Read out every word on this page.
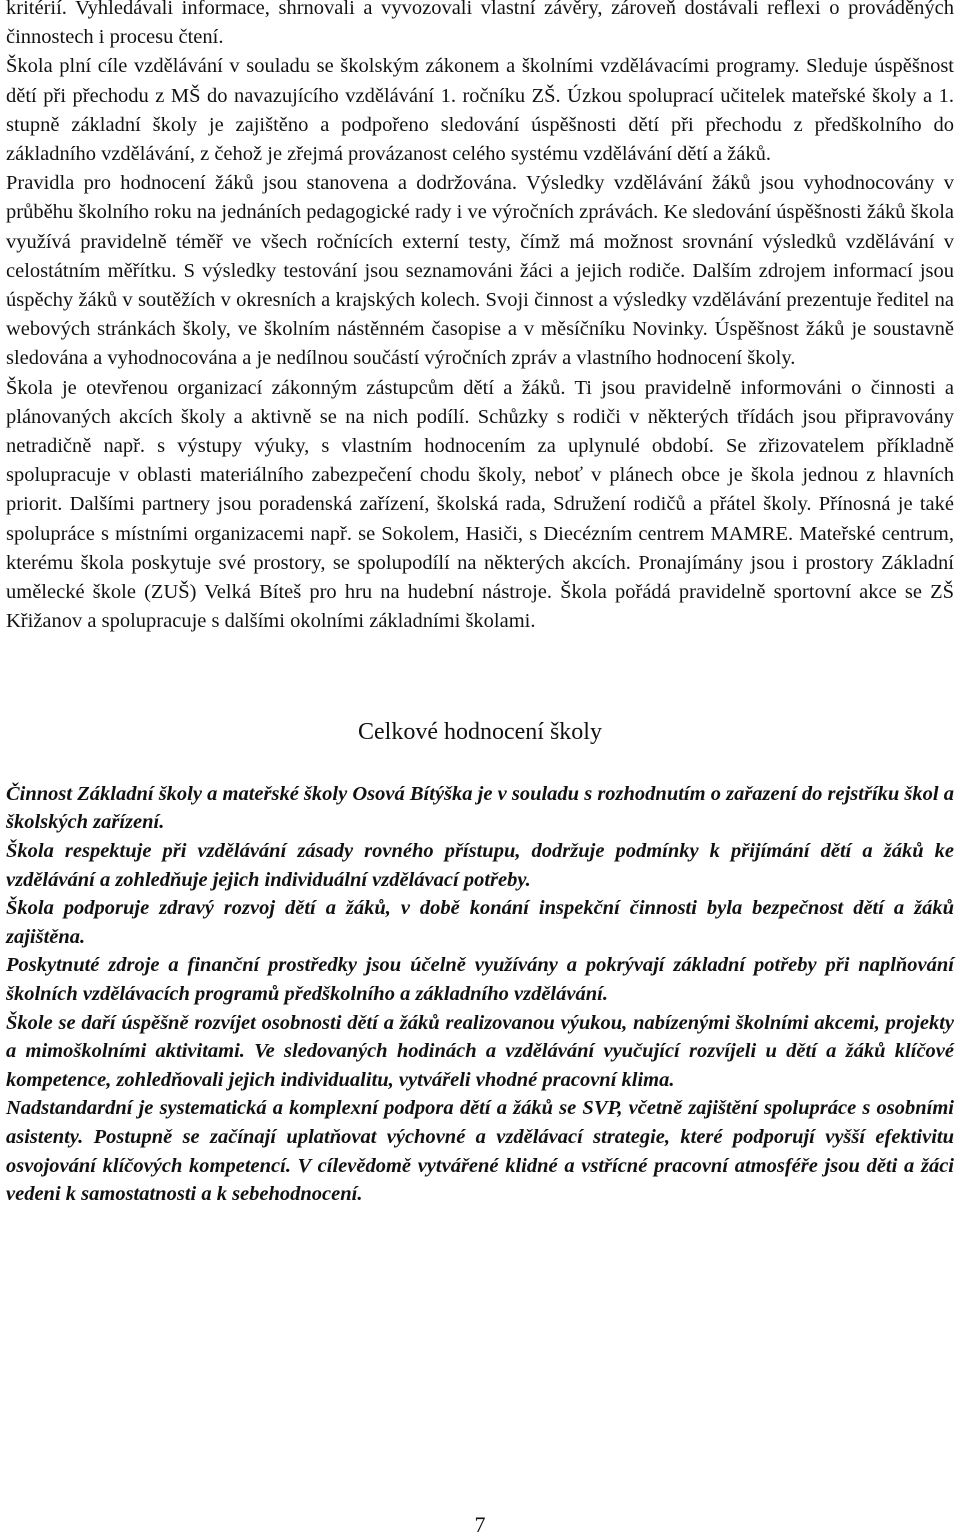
kritérií. Vyhledávali informace, shrnovali a vyvozovali vlastní závěry, zároveň dostávali reflexi o prováděných činnostech i procesu čtení.

Škola plní cíle vzdělávání v souladu se školským zákonem a školními vzdělávacími programy. Sleduje úspěšnost dětí při přechodu z MŠ do navazujícího vzdělávání 1. ročníku ZŠ. Úzkou spoluprací učitelek mateřské školy a 1. stupně základní školy je zajištěno a podpořeno sledování úspěšnosti dětí při přechodu z předškolního do základního vzdělávání, z čehož je zřejmá provázanost celého systému vzdělávání dětí a žáků.

Pravidla pro hodnocení žáků jsou stanovena a dodržována. Výsledky vzdělávání žáků jsou vyhodnocovány v průběhu školního roku na jednáních pedagogické rady i ve výročních zprávách. Ke sledování úspěšnosti žáků škola využívá pravidelně téměř ve všech ročnících externí testy, čímž má možnost srovnání výsledků vzdělávání v celostátním měřítku. S výsledky testování jsou seznamováni žáci a jejich rodiče. Dalším zdrojem informací jsou úspěchy žáků v soutěžích v okresních a krajských kolech. Svoji činnost a výsledky vzdělávání prezentuje ředitel na webových stránkách školy, ve školním nástěnném časopise a v měsíčníku Novinky. Úspěšnost žáků je soustavně sledována a vyhodnocována a je nedílnou součástí výročních zpráv a vlastního hodnocení školy.

Škola je otevřenou organizací zákonným zástupcům dětí a žáků. Ti jsou pravidelně informováni o činnosti a plánovaných akcích školy a aktivně se na nich podílí. Schůzky s rodiči v některých třídách jsou připravovány netradičně např. s výstupy výuky, s vlastním hodnocením za uplynulé období. Se zřizovatelem příkladně spolupracuje v oblasti materiálního zabezpečení chodu školy, neboť v plánech obce je škola jednou z hlavních priorit. Dalšími partnery jsou poradenská zařízení, školská rada, Sdružení rodičů a přátel školy. Přínosná je také spolupráce s místními organizacemi např. se Sokolem, Hasiči, s Diecézním centrem MAMRE. Mateřské centrum, kterému škola poskytuje své prostory, se spolupodílí na některých akcích. Pronajímány jsou i prostory Základní umělecké škole (ZUŠ) Velká Bíteš pro hru na hudební nástroje. Škola pořádá pravidelně sportovní akce se ZŠ Křižanov a spolupracuje s dalšími okolními základními školami.

Celkové hodnocení školy

Činnost Základní školy a mateřské školy Osová Bítýška je v souladu s rozhodnutím o zařazení do rejstříku škol a školských zařízení.

Škola respektuje při vzdělávání zásady rovného přístupu, dodržuje podmínky k přijímání dětí a žáků ke vzdělávání a zohledňuje jejich individuální vzdělávací potřeby.

Škola podporuje zdravý rozvoj dětí a žáků, v době konání inspekční činnosti byla bezpečnost dětí a žáků zajištěna.

Poskytnuté zdroje a finanční prostředky jsou účelně využívány a pokrývají základní potřeby při naplňování školních vzdělávacích programů předškolního a základního vzdělávání.

Škole se daří úspěšně rozvíjet osobnosti dětí a žáků realizovanou výukou, nabízenými školními akcemi, projekty a mimoškolními aktivitami. Ve sledovaných hodinách a vzdělávání vyučující rozvíjeli u dětí a žáků klíčové kompetence, zohledňovali jejich individualitu, vytvářeli vhodné pracovní klima.

Nadstandardní je systematická a komplexní podpora dětí a žáků se SVP, včetně zajištění spolupráce s osobními asistenty. Postupně se začínají uplatňovat výchovné a vzdělávací strategie, které podporují vyšší efektivitu osvojování klíčových kompetencí. V cílevědomě vytvářené klidné a vstřícné pracovní atmosféře jsou děti a žáci vedeni k samostatnosti a k sebehodnocení.

7
